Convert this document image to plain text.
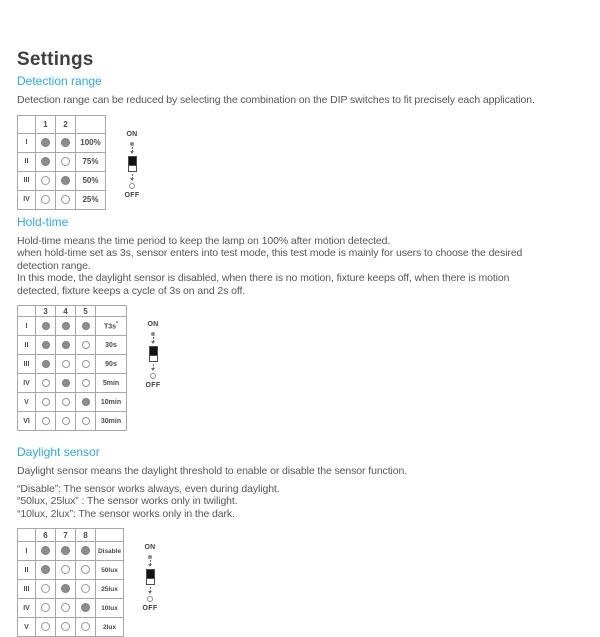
Settings
Detection range

Detection range can be reduced by selecting the combination on the DIP switches to fit precisely each application.

	1	2	
I			100%
II			75%
III			50%
IV			25%
ON
OFF
Hold-time

Hold-time means the time period to keep the lamp on 100% after motion detected.
when hold-time set as 3s, sensor enters into test mode, this test mode is mainly for users to choose the desired
detection range.
In this mode, the daylight sensor is disabled, when there is no motion, fixture keeps off, when there is motion
detected, fixture keeps a cycle of 3s on and 2s off.

	3	4	5	
I				T3s*
II				30s
III				90s
IV				5min
V				10min
VI				30min
ON
OFF
Daylight sensor

Daylight sensor means the daylight threshold to enable or disable the sensor function.

“Disable”: The sensor works always, even during daylight.
“50lux, 25lux” : The sensor works only in twilight.
“10lux, 2lux”: The sensor works only in the dark.

	6	7	8	
I				Disable
II				50lux
III				25lux
IV				10lux
V				2lux
ON
OFF
